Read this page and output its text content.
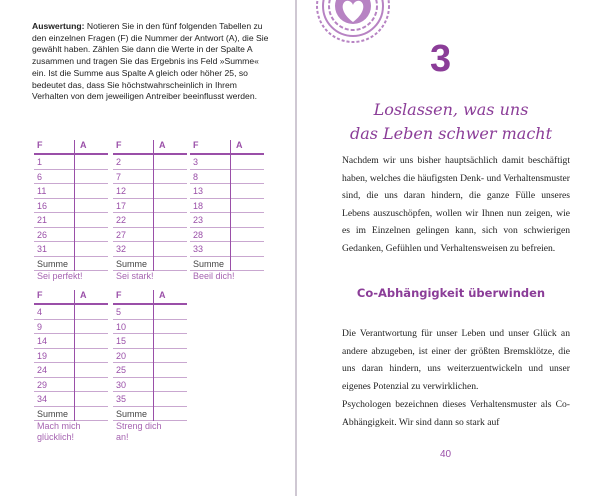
Auswertung: Notieren Sie in den fünf folgenden Tabellen zu den einzelnen Fragen (F) die Nummer der Antwort (A), die Sie gewählt haben. Zählen Sie dann die Werte in der Spalte A zusammen und tragen Sie das Ergebnis ins Feld »Summe« ein. Ist die Summe aus Spalte A gleich oder höher 25, so bedeutet das, dass Sie höchstwahrscheinlich in Ihrem Verhalten von dem jeweiligen Antreiber beeinflusst werden.

F	A
1
6
11
16
21
26
31
Summe
Sei perfekt!
F	A
2
7
12
17
22
27
32
Summe
Sei stark!
F	A
3
8
13
18
23
28
33
Summe
Beeil dich!
F	A
4
9
14
19
24
29
34
Summe
Mach mich glücklich!
F	A
5
10
15
20
25
30
35
Summe
Streng dich an!
3
Loslassen, was uns
das Leben schwer macht

Nachdem wir uns bisher hauptsächlich damit beschäftigt haben, welches die häufigsten Denk- und Verhaltensmuster sind, die uns daran hindern, die ganze Fülle unseres Lebens auszuschöpfen, wollen wir Ihnen nun zeigen, wie es im Einzelnen gelingen kann, sich von schwierigen Gedanken, Gefühlen und Verhaltensweisen zu befreien.

Co-Abhängigkeit überwinden

Die Verantwortung für unser Leben und unser Glück an andere abzugeben, ist einer der größten Bremsklötze, die uns daran hindern, uns weiterzuentwickeln und unser eigenes Potenzial zu verwirklichen.

Psychologen bezeichnen dieses Verhaltensmuster als Co-Abhängigkeit. Wir sind dann so stark auf

40
